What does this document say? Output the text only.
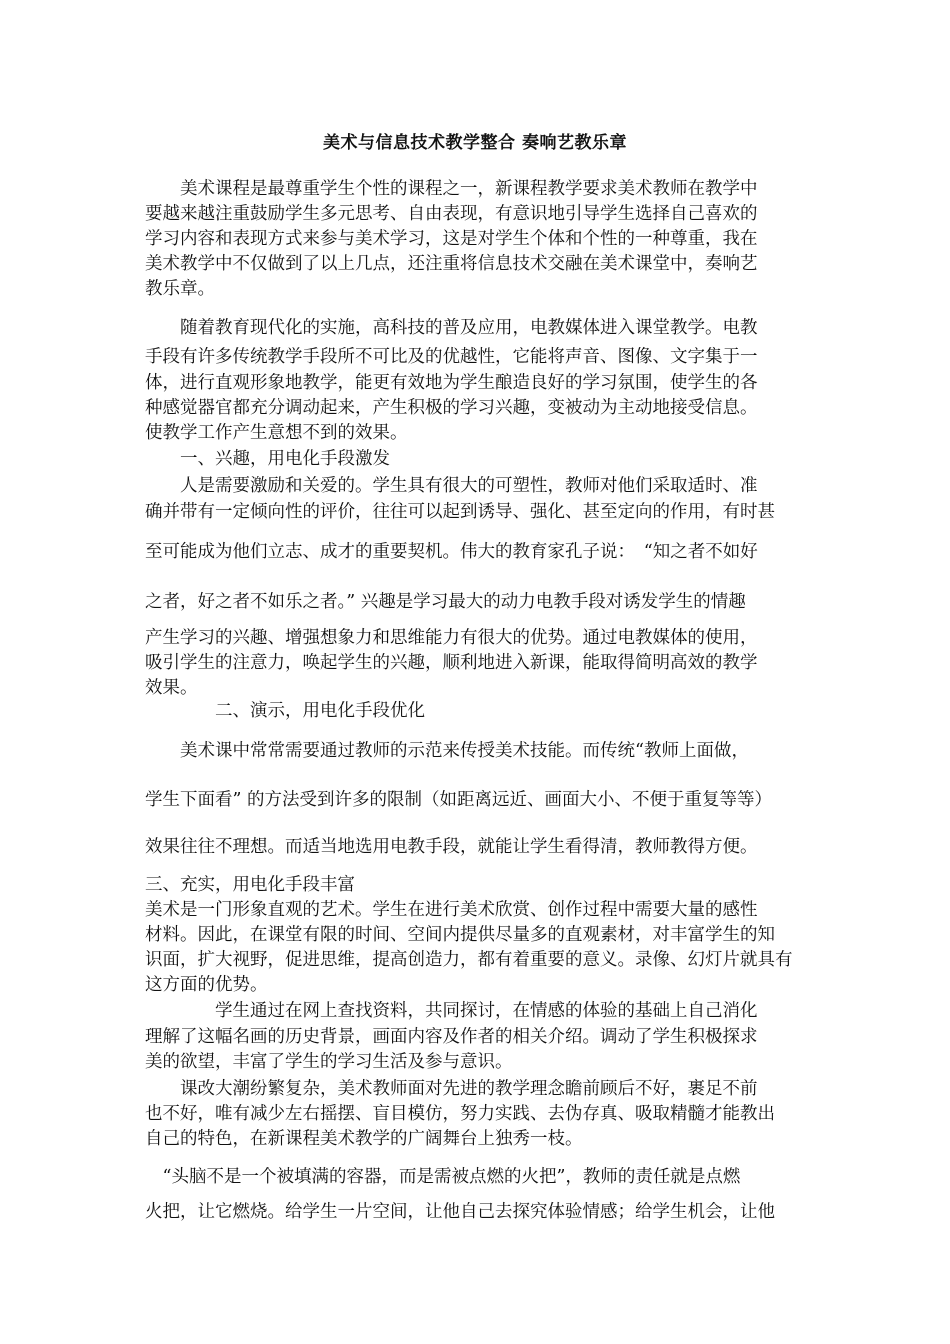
美术与信息技术教学整合 奏响艺教乐章
　　美术课程是最尊重学生个性的课程之一，新课程教学要求美术教师在教学中
要越来越注重鼓励学生多元思考、自由表现，有意识地引导学生选择自己喜欢的
学习内容和表现方式来参与美术学习，这是对学生个体和个性的一种尊重，我在
美术教学中不仅做到了以上几点，还注重将信息技术交融在美术课堂中，奏响艺
教乐章。
　　随着教育现代化的实施，高科技的普及应用，电教媒体进入课堂教学。电教
手段有许多传统教学手段所不可比及的优越性，它能将声音、图像、文字集于一
体，进行直观形象地教学，能更有效地为学生酿造良好的学习氛围，使学生的各
种感觉器官都充分调动起来，产生积极的学习兴趣，变被动为主动地接受信息。
使教学工作产生意想不到的效果。
　　一、兴趣，用电化手段激发
　　人是需要激励和关爱的。学生具有很大的可塑性，教师对他们采取适时、准
确并带有一定倾向性的评价，往往可以起到诱导、强化、甚至定向的作用，有时甚
至可能成为他们立志、成才的重要契机。伟大的教育家孔子说：　“知之者不如好
之者，好之者不如乐之者。” 兴趣是学习最大的动力电教手段对诱发学生的情趣
产生学习的兴趣、增强想象力和思维能力有很大的优势。通过电教媒体的使用，
吸引学生的注意力，唤起学生的兴趣，顺利地进入新课，能取得简明高效的教学
效果。
　　　　二、演示，用电化手段优化
　　美术课中常常需要通过教师的示范来传授美术技能。而传统“教师上面做，
学生下面看” 的方法受到许多的限制（如距离远近、画面大小、不便于重复等等）
效果往往不理想。而适当地选用电教手段，就能让学生看得清，教师教得方便。
三、充实，用电化手段丰富
美术是一门形象直观的艺术。学生在进行美术欣赏、创作过程中需要大量的感性
材料。因此，在课堂有限的时间、空间内提供尽量多的直观素材，对丰富学生的知
识面，扩大视野，促进思维，提高创造力，都有着重要的意义。录像、幻灯片就具有
这方面的优势。
　　　　学生通过在网上查找资料，共同探讨，在情感的体验的基础上自己消化
理解了这幅名画的历史背景，画面内容及作者的相关介绍。调动了学生积极探求
美的欲望，丰富了学生的学习生活及参与意识。
　　课改大潮纷繁复杂，美术教师面对先进的教学理念瞻前顾后不好，裹足不前
也不好，唯有减少左右摇摆、盲目模仿，努力实践、去伪存真、吸取精髓才能教出
自己的特色，在新课程美术教学的广阔舞台上独秀一枝。
　“头脑不是一个被填满的容器，而是需被点燃的火把”，教师的责任就是点燃
火把，让它燃烧。给学生一片空间，让他自己去探究体验情感；给学生机会，让他
